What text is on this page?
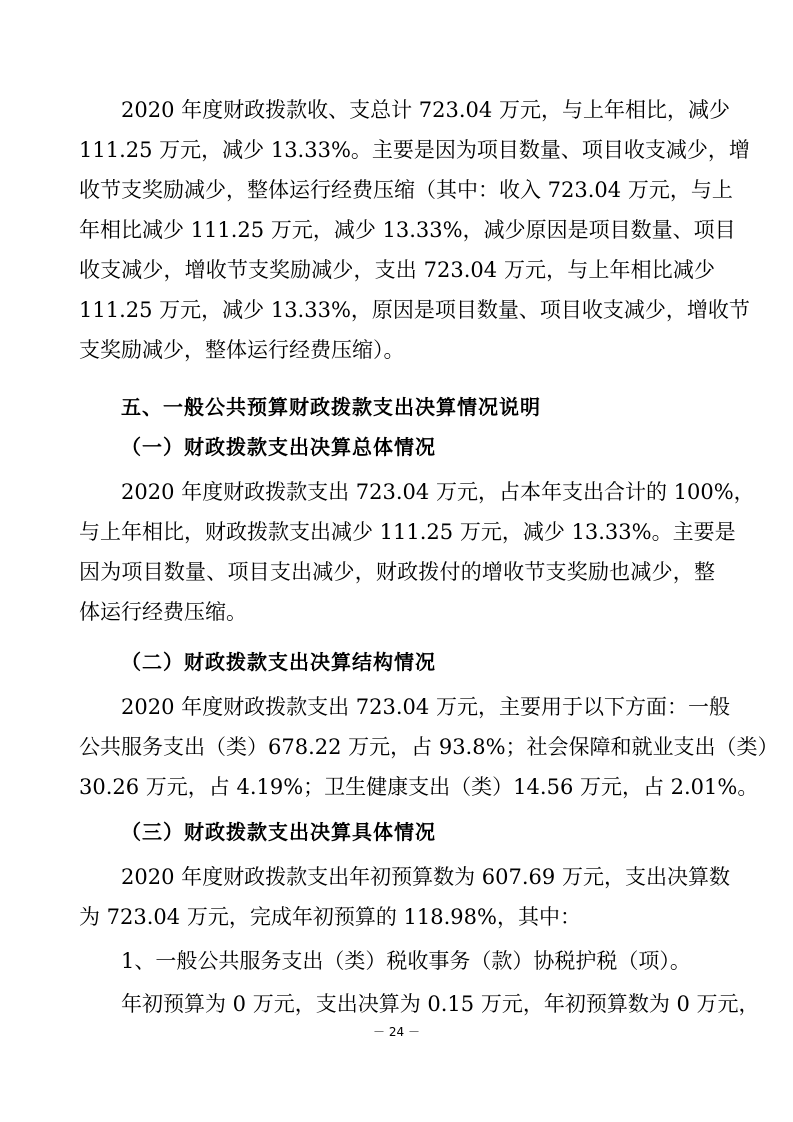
2020 年度财政拨款收、支总计 723.04 万元，与上年相比，减少
111.25 万元，减少 13.33%。主要是因为项目数量、项目收支减少，增
收节支奖励减少，整体运行经费压缩（其中：收入 723.04 万元，与上
年相比减少 111.25 万元，减少 13.33%，减少原因是项目数量、项目
收支减少，增收节支奖励减少，支出 723.04 万元，与上年相比减少
111.25 万元，减少 13.33%，原因是项目数量、项目收支减少，增收节
支奖励减少，整体运行经费压缩）。
五、一般公共预算财政拨款支出决算情况说明
（一）财政拨款支出决算总体情况
2020 年度财政拨款支出 723.04 万元，占本年支出合计的 100%，
与上年相比，财政拨款支出减少 111.25 万元，减少 13.33%。主要是
因为项目数量、项目支出减少，财政拨付的增收节支奖励也减少，整
体运行经费压缩。
（二）财政拨款支出决算结构情况
2020 年度财政拨款支出 723.04 万元，主要用于以下方面：一般
公共服务支出（类）678.22 万元，占 93.8%；社会保障和就业支出（类）
30.26 万元，占 4.19%；卫生健康支出（类）14.56 万元，占 2.01%。
（三）财政拨款支出决算具体情况
2020 年度财政拨款支出年初预算数为 607.69 万元，支出决算数
为 723.04 万元，完成年初预算的 118.98%，其中：
1、一般公共服务支出（类）税收事务（款）协税护税（项）。
年初预算为 0 万元，支出决算为 0.15 万元，年初预算数为 0 万元，
－ 24 －
